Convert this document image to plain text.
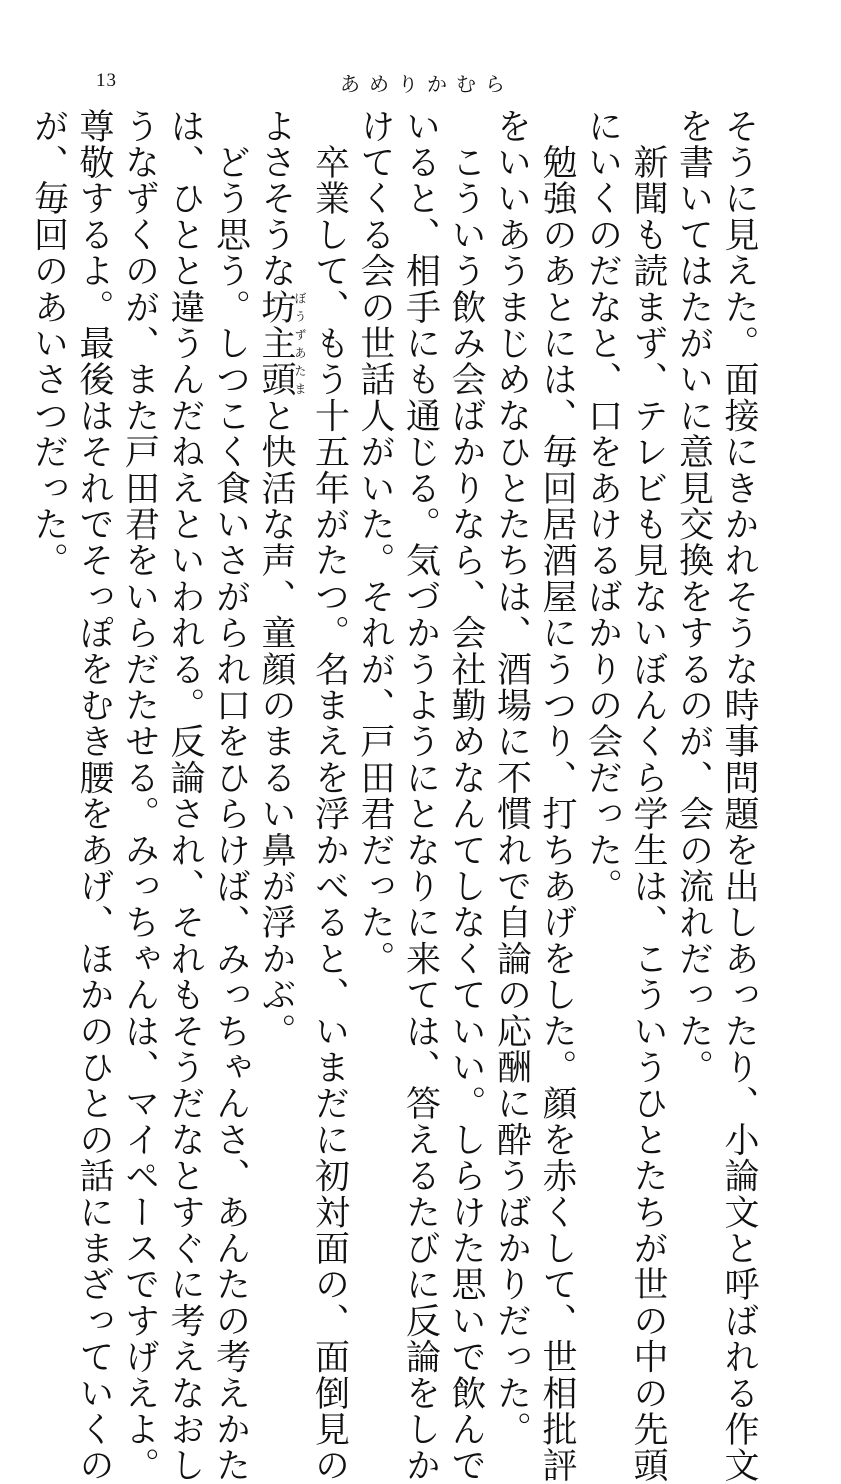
13	あめりかむら

そうに見えた。面接にきかれそうな時事問題を出しあったり、小論文と呼ばれる作文

を書いてはたがいに意見交換をするのが、会の流れだった。

　新聞も読まず、テレビも見ないぼんくら学生は、こういうひとたちが世の中の先頭

にいくのだなと、口をあけるばかりの会だった。

　勉強のあとには、毎回居酒屋にうつり、打ちあげをした。顔を赤くして、世相批評

をいいあうまじめなひとたちは、酒場に不慣れで自論の応酬に酔うばかりだった。

　こういう飲み会ばかりなら、会社勤めなんてしなくていい。しらけた思いで飲んで

いると、相手にも通じる。気づかうようにとなりに来ては、答えるたびに反論をしか

けてくる会の世話人がいた。それが、戸田君だった。

　卒業して、もう十五年がたつ。名まえを浮かべると、いまだに初対面の、面倒見の

よさそうな坊主頭ぼうずあたまと快活な声、童顔のまるい鼻が浮かぶ。

　どう思う。しつこく食いさがられ口をひらけば、みっちゃんさ、あんたの考えかた

は、ひとと違うんだねえといわれる。反論され、それもそうだなとすぐに考えなおし

うなずくのが、また戸田君をいらだたせる。みっちゃんは、マイペースですげえよ。

尊敬するよ。最後はそれでそっぽをむき腰をあげ、ほかのひとの話にまざっていくの

が、毎回のあいさつだった。
